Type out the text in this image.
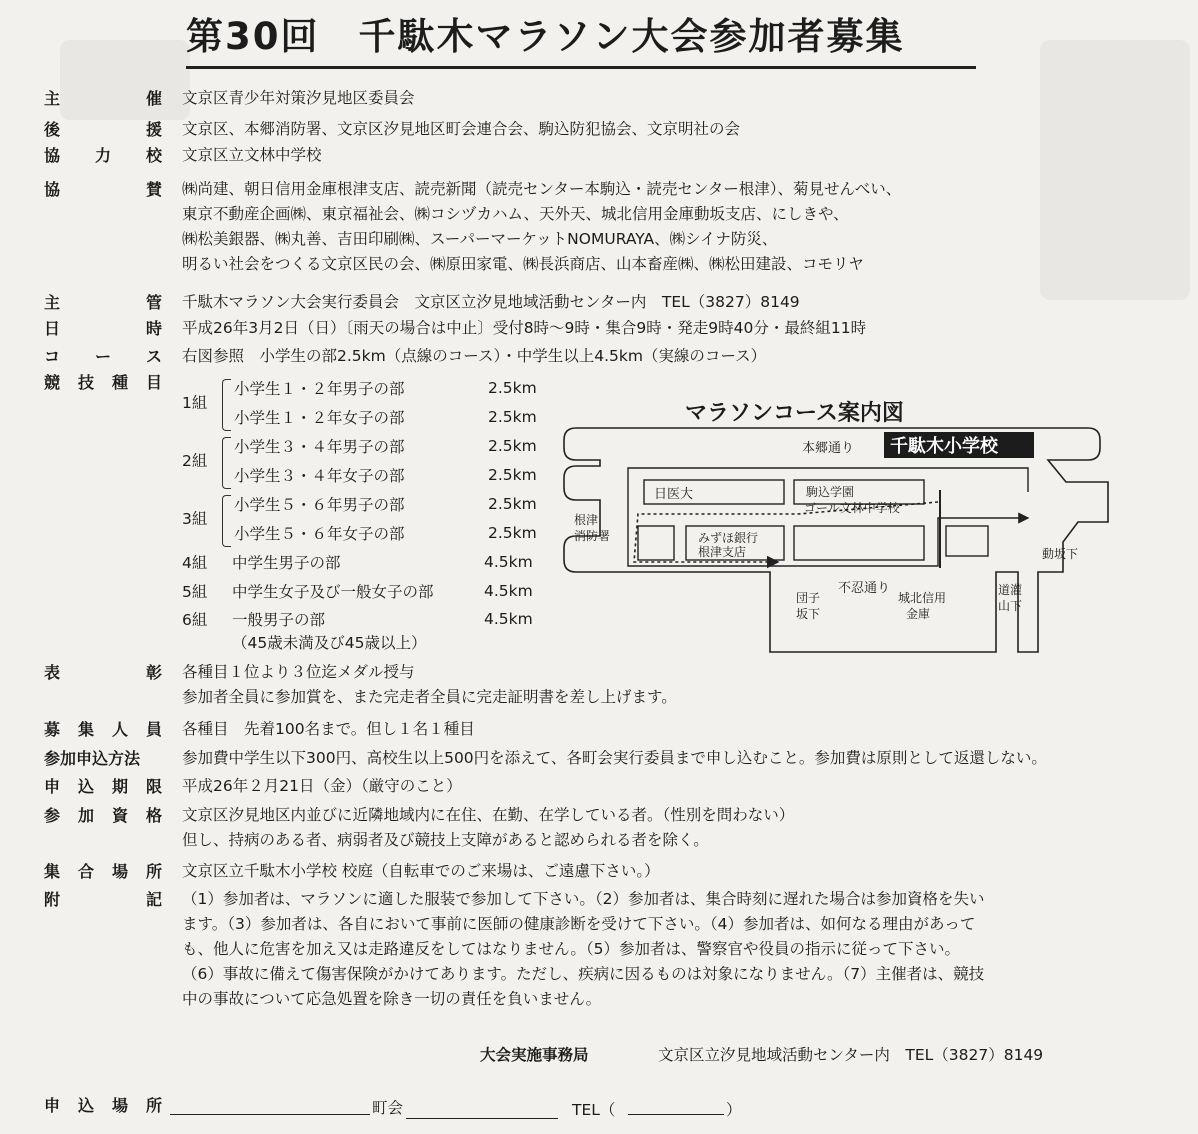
第30回　千駄木マラソン大会参加者募集
主	催 文京区青少年対策汐見地区委員会
後	援 文京区、本郷消防署、文京区汐見地区町会連合会、駒込防犯協会、文京明社の会
協 力 校 文京区立文林中学校
協	賛 ㈱尚建、朝日信用金庫根津支店、読売新聞（読売センター本駒込・読売センター根津）、菊見せんべい、
東京不動産企画㈱、東京福祉会、㈱コシヅカハム、天外天、城北信用金庫動坂支店、にしきや、
㈱松美銀器、㈱丸善、吉田印刷㈱、スーパーマーケットNOMURAYA、㈱シイナ防災、
明るい社会をつくる文京区民の会、㈱原田家電、㈱長浜商店、山本畜産㈱、㈱松田建設、コモリヤ
主	管 千駄木マラソン大会実行委員会　文京区立汐見地域活動センター内　TEL（3827）8149
日	時 平成26年3月2日（日）〔雨天の場合は中止〕受付8時〜9時・集合9時・発走9時40分・最終組11時
コ ー ス 右図参照　小学生の部2.5km（点線のコース）・中学生以上4.5km（実線のコース）
競 技 種 目
1組
小学生１・２年男子の部	2.5km
小学生１・２年女子の部	2.5km
2組
小学生３・４年男子の部	2.5km
小学生３・４年女子の部	2.5km
3組
小学生５・６年男子の部	2.5km
小学生５・６年女子の部	2.5km
4組 中学生男子の部	4.5km
5組 中学生女子及び一般女子の部	4.5km
6組 一般男子の部	4.5km
（45歳未満及び45歳以上）
マラソンコース案内図
千駄木小学校
本郷通り
日医大	駒込学園
ゴール文林中学校
根津
消防署	みずほ銀行
根津支店	動坂下
不忍通り
団子
坂下
城北信用
金庫
道灌
山下
表	彰 各種目１位より３位迄メダル授与
参加者全員に参加賞を、また完走者全員に完走証明書を差し上げます。
募 集 人 員 各種目　先着100名まで。但し１名１種目
参加申込方法	参加費中学生以下300円、高校生以上500円を添えて、各町会実行委員まで申し込むこと。参加費は原則として返還しない。
申 込 期 限 平成26年２月21日（金）（厳守のこと）
参 加 資 格 文京区汐見地区内並びに近隣地域内に在住、在勤、在学している者。（性別を問わない）
但し、持病のある者、病弱者及び競技上支障があると認められる者を除く。
集 合 場 所 文京区立千駄木小学校 校庭（自転車でのご来場は、ご遠慮下さい。）
附	記 （1）参加者は、マラソンに適した服装で参加して下さい。（2）参加者は、集合時刻に遅れた場合は参加資格を失い
ます。（3）参加者は、各自において事前に医師の健康診断を受けて下さい。（4）参加者は、如何なる理由があって
も、他人に危害を加え又は走路違反をしてはなりません。（5）参加者は、警察官や役員の指示に従って下さい。
（6）事故に備えて傷害保険がかけてあります。ただし、疾病に因るものは対象になりません。（7）主催者は、競技
中の事故について応急処置を除き一切の責任を負いません。
大会実施事務局	文京区立汐見地域活動センター内　TEL（3827）8149
申 込 場 所	町会	TEL（	）
